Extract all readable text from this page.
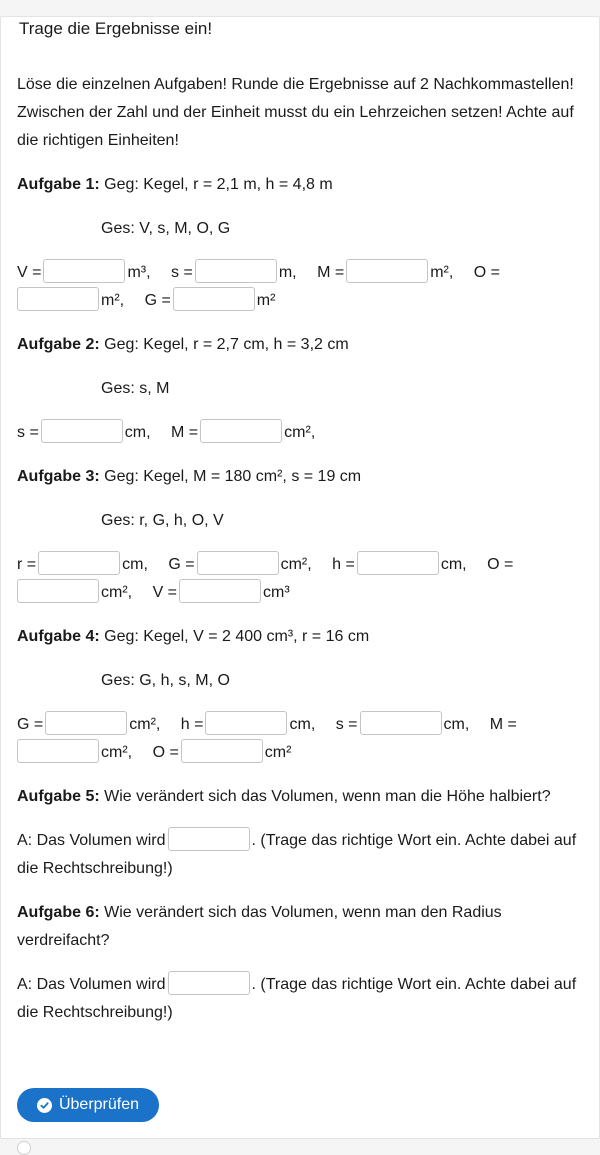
Trage die Ergebnisse ein!
Löse die einzelnen Aufgaben! Runde die Ergebnisse auf 2 Nachkommastellen!
Zwischen der Zahl und der Einheit musst du ein Lehrzeichen setzen! Achte auf
die richtigen Einheiten!
Aufgabe 1: Geg: Kegel, r = 2,1 m, h = 4,8 m
Ges: V, s, M, O, G
V =	m³, s =	m, M =	m², O =
m², G =	m²
Aufgabe 2: Geg: Kegel, r = 2,7 cm, h = 3,2 cm
Ges: s, M
s =	cm, M =	cm²,
Aufgabe 3: Geg: Kegel, M = 180 cm², s = 19 cm
Ges: r, G, h, O, V
r =	cm, G =	cm², h =	cm, O =
cm², V =	cm³
Aufgabe 4: Geg: Kegel, V = 2 400 cm³, r = 16 cm
Ges: G, h, s, M, O
G =	cm², h =	cm, s =	cm, M =
cm², O =	cm²
Aufgabe 5: Wie verändert sich das Volumen, wenn man die Höhe halbiert?
A: Das Volumen wird	. (Trage das richtige Wort ein. Achte dabei auf
die Rechtschreibung!)
Aufgabe 6: Wie verändert sich das Volumen, wenn man den Radius
verdreifacht?
A: Das Volumen wird	. (Trage das richtige Wort ein. Achte dabei auf
die Rechtschreibung!)
Überprüfen
